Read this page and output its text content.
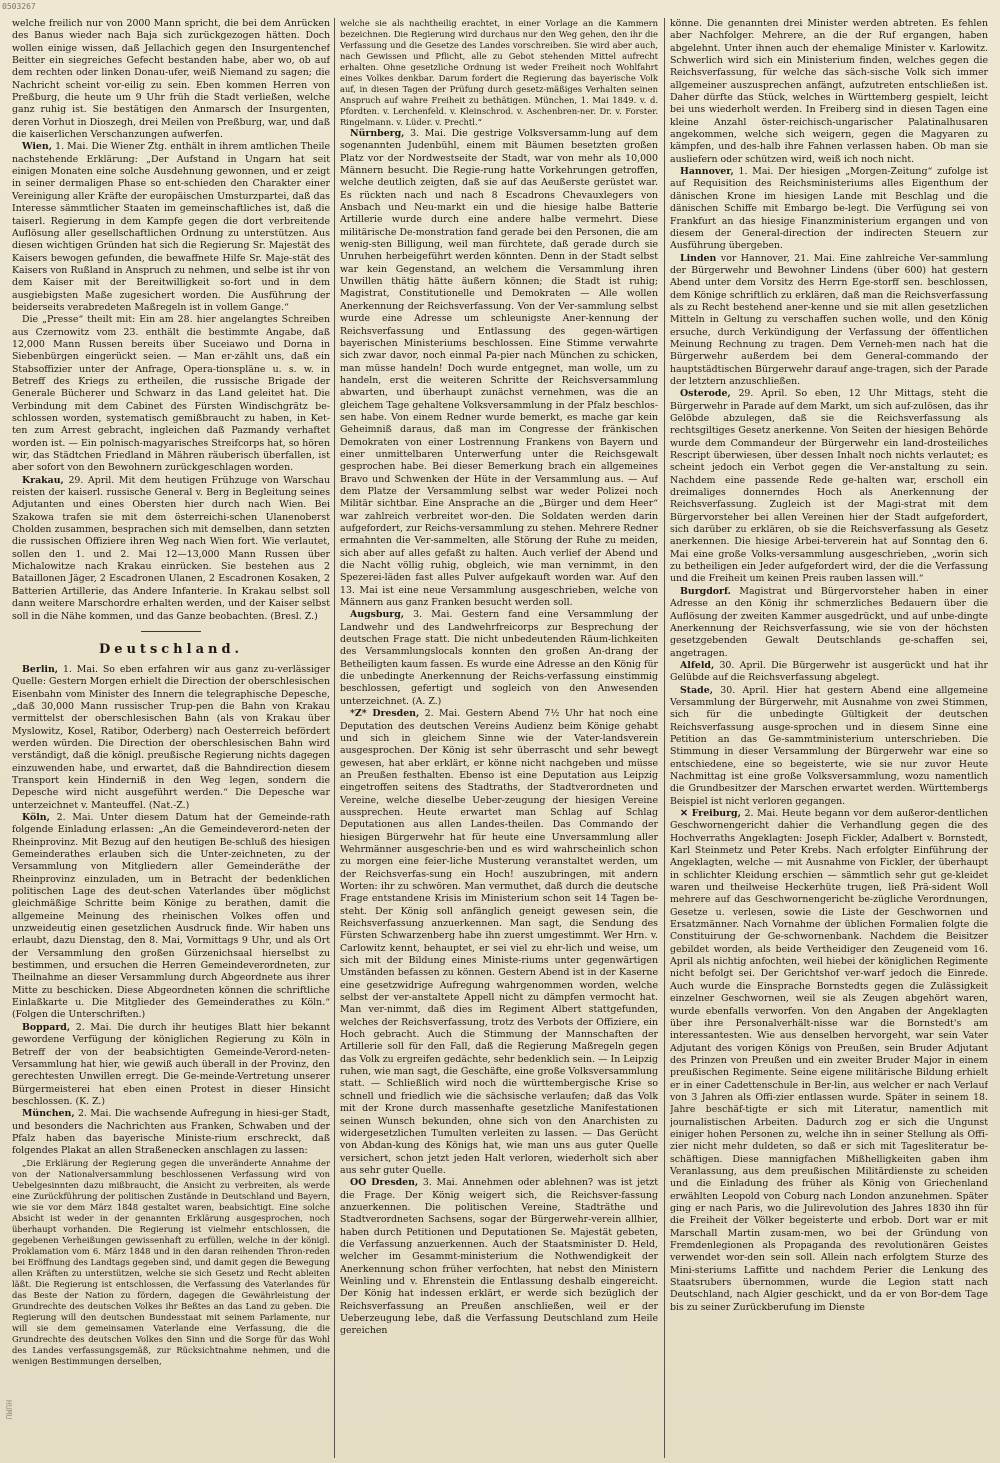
0503267
HUMU

welche freilich nur von 2000 Mann spricht, die bei dem Anrücken des Banus wieder nach Baja sich zurückgezogen hätten. Doch wollen einige wissen, daß Jellachich gegen den Insurgentenchef Beitter ein siegreiches Gefecht bestanden habe, aber wo, ob auf dem rechten oder linken Donau-ufer, weiß Niemand zu sagen; die Nachricht scheint vor-eilig zu sein. Eben kommen Herren von Preßburg, die heute um 9 Uhr früh die Stadt verließen, welche ganz ruhig ist. Sie bestätigen den Anmarsch der Insurgenten, deren Vorhut in Dioszegh, drei Meilen von Preßburg, war, und daß die kaiserlichen Verschanzungen aufwerfen.

Wien, 1. Mai. Die Wiener Ztg. enthält in ihrem amtlichen Theile nachstehende Erklärung: „Der Aufstand in Ungarn hat seit einigen Monaten eine solche Ausdehnung gewonnen, und er zeigt in seiner dermaligen Phase so ent-schieden den Charakter einer Vereinigung aller Kräfte der europäischen Umsturzpartei, daß das Interesse sämmtlicher Staaten im gemeinschaftliches ist, daß die taiserl. Regierung in dem Kampfe gegen die dort verbreitende Auflösung aller gesellschaftlichen Ordnung zu unterstützen. Aus diesen wichtigen Gründen hat sich die Regierung Sr. Majestät des Kaisers bewogen gefunden, die bewaffnete Hilfe Sr. Maje-stät des Kaisers von Rußland in Anspruch zu nehmen, und selbe ist ihr von dem Kaiser mit der Bereitwilligkeit so-fort und in dem ausgiebigsten Maße zugesichert worden. Die Ausführung der beiderseits verabredeten Maßregeln ist in vollem Gange.“

Die „Presse“ theilt mit: Ein am 28. hier angelangtes Schreiben aus Czernowitz vom 23. enthält die bestimmte Angabe, daß 12,000 Mann Russen bereits über Suceiawo und Dorna in Siebenbürgen eingerückt seien. — Man er-zählt uns, daß ein Stabsoffizier unter der Anfrage, Opera-tionspläne u. s. w. in Betreff des Kriegs zu ertheilen, die russische Brigade der Generale Bücherer und Schwarz in das Land geleitet hat. Die Verbindung mit dem Cabinet des Fürsten Windischgrätz be-schlossen worden, systematisch gemißbraucht zu haben, in Ket-ten zum Arrest gebracht, ingleichen daß Pazmandy verhaftet worden ist. — Ein polnisch-magyarisches Streifcorps hat, so hören wir, das Städtchen Friedland in Mähren räuberisch überfallen, ist aber sofort von den Bewohnern zurückgeschlagen worden.

Krakau, 29. April. Mit dem heutigen Frühzuge von Warschau reisten der kaiserl. russische General v. Berg in Begleitung seines Adjutanten und eines Obersten hier durch nach Wien. Bei Szakowa trafen sie mit dem österreichi-schen Ulanenoberst Cholden zusammen, besprachen sich mit demselben, dann setzten die russischen Offiziere ihren Weg nach Wien fort. Wie verlautet, sollen den 1. und 2. Mai 12—13,000 Mann Russen über Michalowitze nach Krakau einrücken. Sie bestehen aus 2 Bataillonen Jäger, 2 Escadronen Ulanen, 2 Escadronen Kosaken, 2 Batterien Artillerie, das Andere Infanterie. In Krakau selbst soll dann weitere Marschordre erhalten werden, und der Kaiser selbst soll in die Nähe kommen, und das Ganze beobachten. (Bresl. Z.)

Deutschland.

Berlin, 1. Mai. So eben erfahren wir aus ganz zu-verlässiger Quelle: Gestern Morgen erhielt die Direction der oberschlesischen Eisenbahn vom Minister des Innern die telegraphische Depesche, „daß 30,000 Mann russischer Trup-pen die Bahn von Krakau vermittelst der oberschlesischen Bahn (als von Krakau über Myslowitz, Kosel, Ratibor, Oderberg) nach Oesterreich befördert werden würden. Die Direction der oberschlesischen Bahn wird verständigt, daß die königl. preußische Regierung nichts dagegen einzuwenden habe, und erwartet, daß die Bahndirection diesem Transport kein Hinderniß in den Weg legen, sondern die Depesche wird nicht ausgeführt werden.“ Die Depesche war unterzeichnet v. Manteuffel. (Nat.-Z.)

Köln, 2. Mai. Unter diesem Datum hat der Gemeinde-rath folgende Einladung erlassen: „An die Gemeindeverord-neten der Rheinprovinz. Mit Bezug auf den heutigen Be-schluß des hiesigen Gemeinderathes erlauben sich die Unter-zeichneten, zu der Versammlung von Mitgliedern aller Gemeinderäthe der Rheinprovinz einzuladen, um in Betracht der bedenklichen politischen Lage des deut-schen Vaterlandes über möglichst gleichmäßige Schritte beim Könige zu berathen, damit die allgemeine Meinung des rheinischen Volkes offen und unzweideutig einen gesetzlichen Ausdruck finde. Wir haben uns erlaubt, dazu Dienstag, den 8. Mai, Vormittags 9 Uhr, und als Ort der Versammlung den großen Gürzenichsaal hierselbst zu bestimmen, und ersuchen die Herren Gemeindeverordneten, zur Theilnahme an dieser Versammlung durch Abgeordnete aus ihrer Mitte zu beschicken. Diese Abgeordneten können die schriftliche Einlaßkarte u. Die Mitglieder des Gemeinderathes zu Köln.“ (Folgen die Unterschriften.)

Boppard, 2. Mai. Die durch ihr heutiges Blatt hier bekannt gewordene Verfügung der königlichen Regierung zu Köln in Betreff der von der beabsichtigten Gemeinde-Verord-neten-Versammlung hat hier, wie gewiß auch überall in der Provinz, den gerechtesten Unwillen erregt. Die Ge-meinde-Vertretung unserer Bürgermeisterei hat eben einen Protest in dieser Hinsicht beschlossen. (K. Z.)

München, 2. Mai. Die wachsende Aufregung in hiesi-ger Stadt, und besonders die Nachrichten aus Franken, Schwaben und der Pfalz haben das bayerische Ministe-rium erschreckt, daß folgendes Plakat an allen Straßenecken anschlagen zu lassen:

„Die Erklärung der Regierung gegen die unveränderte Annahme der von der Nationalversammlung beschlossenen Verfassung wird von Uebelgesinnten dazu mißbraucht, die Ansicht zu verbreiten, als werde eine Zurückführung der politischen Zustände in Deutschland und Bayern, wie sie vor dem März 1848 gestaltet waren, beabsichtigt. Eine solche Absicht ist weder in der genannten Erklärung ausgesprochen, noch überhaupt vorhanden. Die Regierung ist vielmehr entschlossen, die gegebenen Verheißungen gewissenhaft zu erfüllen, welche in der königl. Proklamation vom 6. März 1848 und in den daran reihenden Thron-reden bei Eröffnung des Landtags gegeben sind, und damit gegen die Bewegung allen Kräften zu unterstützen, welche sie sich Gesetz und Recht ableiten läßt. Die Regierung ist entschlossen, die Verfassung des Vaterlandes für das Beste der Nation zu fördern, dagegen die Gewährleistung der Grundrechte des deutschen Volkes ihr Beßtes an das Land zu geben. Die Regierung will den deutschen Bundesstaat mit seinem Parlamente, nur will sie dem gemeinsamen Vaterlande eine Verfassung, die die Grundrechte des deutschen Volkes den Sinn und die Sorge für das Wohl des Landes verfassungsgemäß, zur Rücksichtnahme nehmen, und die wenigen Bestimmungen derselben,

welche sie als nachtheilig erachtet, in einer Vorlage an die Kammern bezeichnen. Die Regierung wird durchaus nur den Weg gehen, den ihr die Verfassung und die Gesetze des Landes vorschreiben. Sie wird aber auch, nach Gewissen und Pflicht, alle zu Gebot stehenden Mittel aufrecht erhalten. Ohne gesetzliche Ordnung ist weder Freiheit noch Wohlfahrt eines Volkes denkbar. Darum fordert die Regierung das bayerische Volk auf, in diesen Tagen der Prüfung durch gesetz-mäßiges Verhalten seinen Anspruch auf wahre Freiheit zu bethätigen. München, 1. Mai 1849. v. d. Pfordten. v. Lerchenfeld. v. Kleinschrod. v. Aschenbren-ner. Dr. v. Forster. Ringelmann. v. Lüder. v. Prechtl.“

Nürnberg, 3. Mai. Die gestrige Volksversamm-lung auf dem sogenannten Judenbühl, einem mit Bäumen besetzten großen Platz vor der Nordwestseite der Stadt, war von mehr als 10,000 Männern besucht. Die Regie-rung hatte Vorkehrungen getroffen, welche deutlich zeigten, daß sie auf das Aeußerste gerüstet war. Es rückten nach und nach 8 Escadrons Chevauxlegers von Ansbach und Neu-markt ein und die hiesige halbe Batterie Artillerie wurde durch eine andere halbe vermehrt. Diese militärische De-monstration fand gerade bei den Personen, die am wenig-sten Billigung, weil man fürchtete, daß gerade durch sie Unruhen herbeigeführt werden könnten. Denn in der Stadt selbst war kein Gegenstand, an welchem die Versammlung ihren Unwillen thätig hätte äußern können; die Stadt ist ruhig; Magistrat, Constitutionelle und Demokraten — Alle wollen Anerkennung der Reichsverfassung. Von der Ver-sammlung selbst wurde eine Adresse um schleunigste Aner-kennung der Reichsverfassung und Entlassung des gegen-wärtigen bayerischen Ministeriums beschlossen. Eine Stimme verwahrte sich zwar davor, noch einmal Pa-pier nach München zu schicken, man müsse handeln! Doch wurde entgegnet, man wolle, um zu handeln, erst die weiteren Schritte der Reichsversammlung abwarten, und überhaupt zunächst vernehmen, was die an gleichem Tage gehaltene Volksversammlung in der Pfalz beschlos-sen habe. Von einem Redner wurde bemerkt, es mache gar kein Geheimniß daraus, daß man im Congresse der fränkischen Demokraten von einer Lostrennung Frankens von Bayern und einer unmittelbaren Unterwerfung unter die Reichsgewalt gesprochen habe. Bei dieser Bemerkung brach ein allgemeines Bravo und Schwenken der Hüte in der Versammlung aus. — Auf dem Platze der Versammlung selbst war weder Polizei noch Militär sichtbar. Eine Ansprache an die „Bürger und dem Heer“ war zahlreich verbreitet wor-den. Die Soldaten werden darin aufgefordert, zur Reichs-versammlung zu stehen. Mehrere Redner ermahnten die Ver-sammelten, alle Störung der Ruhe zu meiden, sich aber auf alles gefaßt zu halten. Auch verlief der Abend und die Nacht völlig ruhig, obgleich, wie man vernimmt, in den Spezerei-läden fast alles Pulver aufgekauft worden war. Auf den 13. Mai ist eine neue Versammlung ausgeschrieben, welche von Männern aus ganz Franken besucht werden soll.

Augsburg, 3. Mai. Gestern fand eine Versammlung der Landwehr und des Landwehrfreicorps zur Besprechung der deutschen Frage statt. Die nicht unbedeutenden Räum-lichkeiten des Versammlungslocals konnten den großen An-drang der Betheiligten kaum fassen. Es wurde eine Adresse an den König für die unbedingte Anerkennung der Reichs-verfassung einstimmig beschlossen, gefertigt und sogleich von den Anwesenden unterzeichnet. (A. Z.)

*Z* Dresden, 2. Mai. Gestern Abend 7½ Uhr hat noch eine Deputation des deutschen Vereins Audienz beim Könige gehabt und sich in gleichem Sinne wie der Vater-landsverein ausgesprochen. Der König ist sehr überrascht und sehr bewegt gewesen, hat aber erklärt, er könne nicht nachgeben und müsse an Preußen festhalten. Ebenso ist eine Deputation aus Leipzig eingetroffen seitens des Stadtraths, der Stadtverordneten und Vereine, welche dieselbe Ueber-zeugung der hiesigen Vereine aussprechen. Heute erwartet man Schlag auf Schlag Deputationen aus allen Landes-theilen. Das Commando der hiesigen Bürgerwehr hat für heute eine Unversammlung aller Wehrmänner ausgeschrie-ben und es wird wahrscheinlich schon zu morgen eine feier-liche Musterung veranstaltet werden, um der Reichsverfas-sung ein Hoch! auszubringen, mit andern Worten: ihr zu schwören. Man vermuthet, daß durch die deutsche Frage entstandene Krisis im Ministerium schon seit 14 Tagen be-steht. Der König soll anfänglich geneigt gewesen sein, die Reichsverfassung anzuerkennen. Man sagt, die Sendung des Fürsten Schwarzenberg habe ihn zuerst umgestimmt. Wer Hrn. v. Carlowitz kennt, behauptet, er sei viel zu ehr-lich und weise, um sich mit der Bildung eines Ministe-riums unter gegenwärtigen Umständen befassen zu können. Gestern Abend ist in der Kaserne eine gesetzwidrige Aufregung wahrgenommen worden, welche selbst der ver-anstaltete Appell nicht zu dämpfen vermocht hat. Man ver-nimmt, daß dies im Regiment Albert stattgefunden, welches der Reichsverfassung, trotz des Verbots der Offiziere, ein Hoch gebracht. Auch die Stimmung der Mannschaften der Artillerie soll für den Fall, daß die Regierung Maßregeln gegen das Volk zu ergreifen gedächte, sehr bedenklich sein. — In Leipzig ruhen, wie man sagt, die Geschäfte, eine große Volksversammlung statt. — Schließlich wird noch die württembergische Krise so schnell und friedlich wie die sächsische verlaufen; daß das Volk mit der Krone durch massenhafte gesetzliche Manifestationen seinen Wunsch bekunden, ohne sich von den Anarchisten zu widergesetzlichen Tumulten verleiten zu lassen. — Das Gerücht von Abdan-kung des Königs hat, wie man uns aus guter Quelle versichert, schon jetzt jeden Halt verloren, wiederholt sich aber aus sehr guter Quelle.

OO Dresden, 3. Mai. Annehmen oder ablehnen? was ist jetzt die Frage. Der König weigert sich, die Reichsver-fassung anzuerkennen. Die politischen Vereine, Stadträthe und Stadtverordneten Sachsens, sogar der Bürgerwehr-verein allhier, haben durch Petitionen und Deputationen Se. Majestät gebeten, die Verfassung anzuerkennen. Auch der Staatsminister D. Held, welcher im Gesammt-ministerium die Nothwendigkeit der Anerkennung schon früher verfochten, hat nebst den Ministern Weinling und v. Ehrenstein die Entlassung deshalb eingereicht. Der König hat indessen erklärt, er werde sich bezüglich der Reichsverfassung an Preußen anschließen, weil er der Ueberzeugung lebe, daß die Verfassung Deutschland zum Heile gereichen

könne. Die genannten drei Minister werden abtreten. Es fehlen aber Nachfolger. Mehrere, an die der Ruf ergangen, haben abgelehnt. Unter ihnen auch der ehemalige Minister v. Karlowitz. Schwerlich wird sich ein Ministerium finden, welches gegen die Reichsverfassung, für welche das säch-sische Volk sich immer allgemeiner auszusprechen anfängt, aufzutreten entschließen ist. Daher dürfte das Stück, welches in Württemberg gespielt, leicht bei uns wiederholt werden. In Freiberg sind in diesen Tagen eine kleine Anzahl öster-reichisch-ungarischer Palatinalhusaren angekommen, welche sich weigern, gegen die Magyaren zu kämpfen, und des-halb ihre Fahnen verlassen haben. Ob man sie ausliefern oder schützen wird, weiß ich noch nicht.

Hannover, 1. Mai. Der hiesigen „Morgen-Zeitung“ zufolge ist auf Requisition des Reichsministeriums alles Eigenthum der dänischen Krone im hiesigen Lande mit Beschlag und die dänischen Schiffe mit Embargo be-legt. Die Verfügung sei von Frankfurt an das hiesige Finanzministerium ergangen und von diesem der General-direction der indirecten Steuern zur Ausführung übergeben.

Linden vor Hannover, 21. Mai. Eine zahlreiche Ver-sammlung der Bürgerwehr und Bewohner Lindens (über 600) hat gestern Abend unter dem Vorsitz des Herrn Ege-storff sen. beschlossen, dem Könige schriftlich zu erklären, daß man die Reichsverfassung als zu Recht bestehend aner-kenne und sie mit allen gesetzlichen Mitteln in Geltung zu verschaffen suchen wolle, und den König ersuche, durch Verkündigung der Verfassung der öffentlichen Meinung Rechnung zu tragen. Dem Verneh-men nach hat die Bürgerwehr außerdem bei dem General-commando der hauptstädtischen Bürgerwehr darauf ange-tragen, sich der Parade der letztern anzuschließen.

Osterode, 29. April. So eben, 12 Uhr Mittags, steht die Bürgerwehr in Parade auf dem Markt, um sich auf-zulösen, das ihr Gelöbde abzulegen, daß sie die Reichsverfassung als rechtsgiltiges Gesetz anerkenne. Von Seiten der hiesigen Behörde wurde dem Commandeur der Bürgerwehr ein land-drosteiliches Rescript überwiesen, über dessen Inhalt noch nichts verlautet; es scheint jedoch ein Verbot gegen die Ver-anstaltung zu sein. Nachdem eine passende Rede ge-halten war, erscholl ein dreimaliges donnerndes Hoch als Anerkennung der Reichsverfassung. Zugleich ist der Magi-strat mit dem Bürgervorsteher bei allen Vereinen hier der Stadt aufgefordert, sich darüber zu erklären, ob sie die Reichsverfassung als Gesetz anerkennen. Die hiesige Arbei-terverein hat auf Sonntag den 6. Mai eine große Volks-versammlung ausgeschrieben, „worin sich zu betheiligen ein Jeder aufgefordert wird, der die die Verfassung und die Freiheit um keinen Preis rauben lassen will.“

Burgdorf. Magistrat und Bürgervorsteher haben in einer Adresse an den König ihr schmerzliches Bedauern über die Auflösung der zweiten Kammer ausgedrückt, und auf unbe-dingte Anerkennung der Reichsverfassung, wie sie von der höchsten gesetzgebenden Gewalt Deutschlands ge-schaffen sei, angetragen.

Alfeld, 30. April. Die Bürgerwehr ist ausgerückt und hat ihr Gelübde auf die Reichsverfassung abgelegt.

Stade, 30. April. Hier hat gestern Abend eine allgemeine Versammlung der Bürgerwehr, mit Ausnahme von zwei Stimmen, sich für die unbedingte Gültigkeit der deutschen Reichsverfassung ausge-sprochen und in diesem Sinne eine Petition an das Ge-sammtministerium unterschrieben. Die Stimmung in dieser Versammlung der Bürgerwehr war eine so entschiedene, eine so begeisterte, wie sie nur zuvor Heute Nachmittag ist eine große Volksversammlung, wozu namentlich die Grundbesitzer der Marschen erwartet werden. Württembergs Beispiel ist nicht verloren gegangen.

✕ Freiburg, 2. Mai. Heute begann vor dem außeror-dentlichen Geschwornengericht dahier die Verhandlung gegen die des Hochverraths Angeklagten: Joseph Fickler, Adalbert v. Bornstedt, Karl Steinmetz und Peter Krebs. Nach erfolgter Einführung der Angeklagten, welche — mit Ausnahme von Fickler, der überhaupt in schlichter Kleidung erschien — sämmtlich sehr gut ge-kleidet waren und theilweise Heckerhüte trugen, ließ Prä-sident Woll mehrere auf das Geschwornengericht be-zügliche Verordnungen, Gesetze u. verlesen, sowie die Liste der Geschwornen und Ersatzmänner. Nach Vornahme der üblichen Formalien folgte die Constituirung der Ge-schwornenbank. Nachdem die Beisitzer gebildet worden, als beide Vertheidiger den Zeugeneid vom 16. April als nichtig anfochten, weil hiebei der königlichen Regimente nicht befolgt sei. Der Gerichtshof ver-warf jedoch die Einrede. Auch wurde die Einsprache Bornstedts gegen die Zulässigkeit einzelner Geschwornen, weil sie als Zeugen abgehört waren, wurde ebenfalls verworfen. Von den Angaben der Angeklagten über ihre Personalverhält-nisse war die Bornstedt's am interessantesten. Wie aus denselben hervorgeht, war sein Vater Adjutant des vorigen Königs von Preußen, sein Bruder Adjutant des Prinzen von Preußen und ein zweiter Bruder Major in einem preußischen Regimente. Seine eigene militärische Bildung erhielt er in einer Cadettenschule in Ber-lin, aus welcher er nach Verlauf von 3 Jahren als Offi-zier entlassen wurde. Später in seinem 18. Jahre beschäf-tigte er sich mit Literatur, namentlich mit journalistischen Arbeiten. Dadurch zog er sich die Ungunst einiger hohen Personen zu, welche ihn in seiner Stellung als Offi-zier nicht mehr duldeten, so daß er sich mit Tagesliteratur be-schäftigen. Diese mannigfachen Mißhelligkeiten gaben ihm Veranlassung, aus dem preußischen Militärdienste zu scheiden und die Einladung des früher als König von Griechenland erwählten Leopold von Coburg nach London anzunehmen. Später ging er nach Paris, wo die Julirevolution des Jahres 1830 ihn für die Freiheit der Völker begeisterte und erbob. Dort war er mit Marschall Martin zusam-men, wo bei der Gründung von Fremdenlegionen als Propaganda des revolutionären Geistes verwendet wor-den sein soll. Allein nach erfolgtem Sturze des Mini-steriums Laffitte und nachdem Perier die Lenkung des Staatsrubers übernommen, wurde die Legion statt nach Deutschland, nach Algier geschickt, und da er von Bor-dem Tage bis zu seiner Zurückberufung im Dienste
